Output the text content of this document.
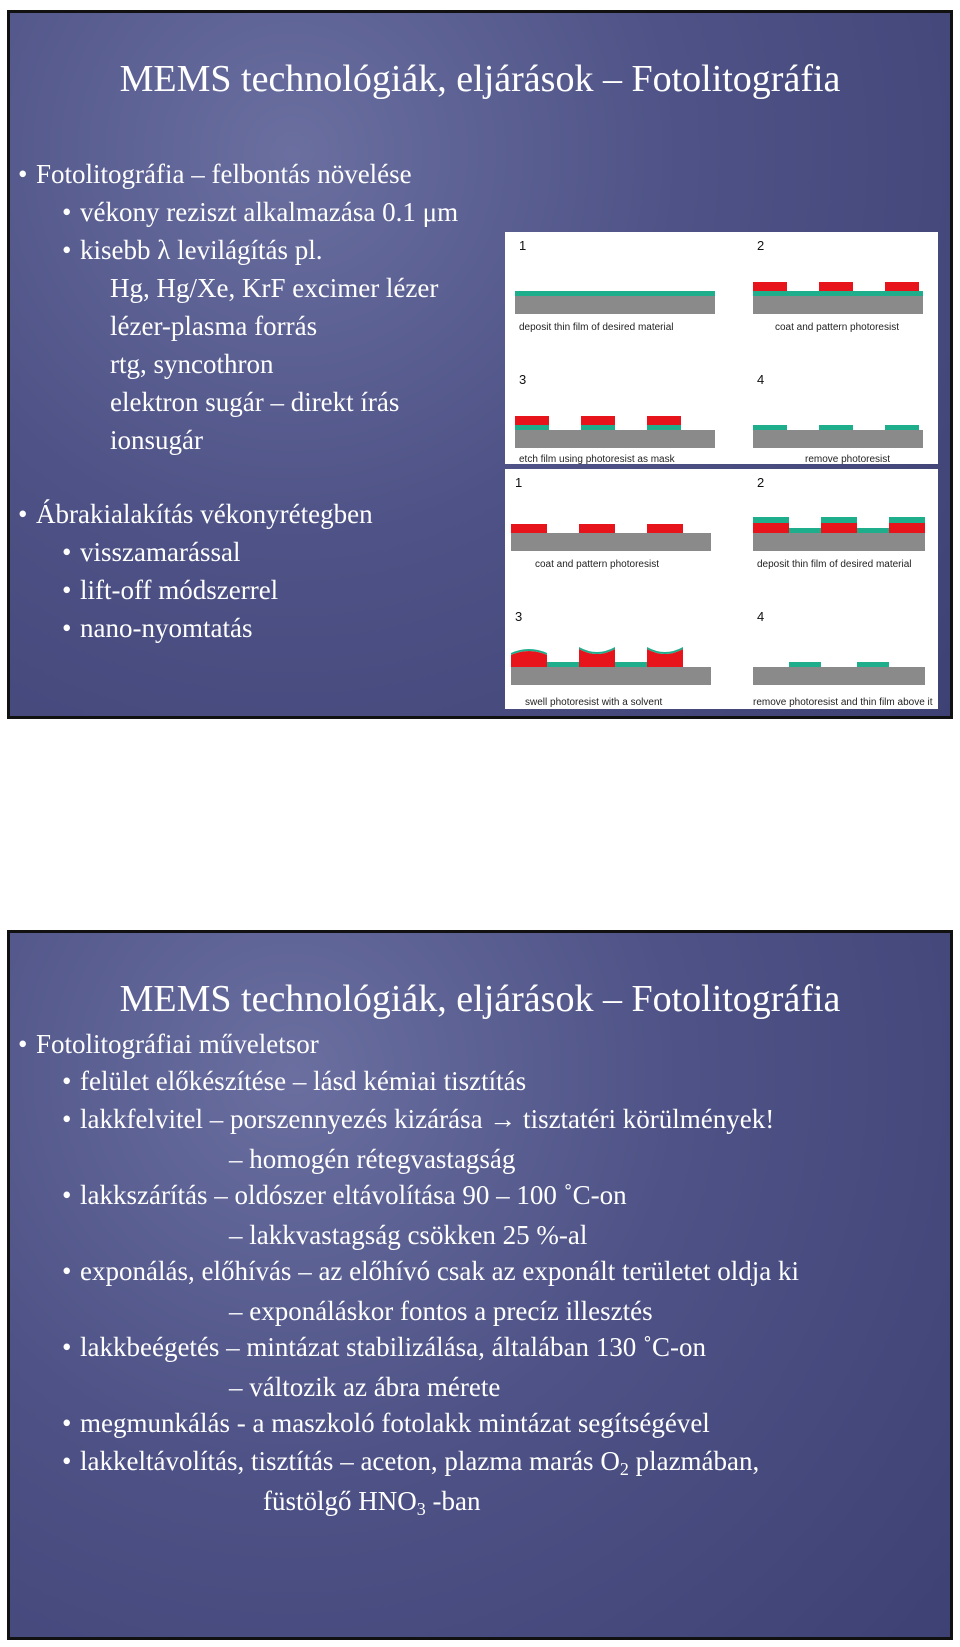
MEMS technológiák, eljárások – Fotolitográfia
• Fotolitográfia – felbontás növelése
• vékony reziszt alkalmazása 0.1 μm
• kisebb λ levilágítás pl.
Hg, Hg/Xe, KrF excimer lézer
lézer-plasma forrás
rtg, syncothron
elektron sugár – direkt írás
ionsugár
• Ábrakialakítás vékonyrétegben
• visszamarással
• lift-off módszerrel
• nano-nyomtatás
1	2
3	4
deposit thin film of desired material	coat and pattern photoresist
etch film using photoresist as mask	remove photoresist
1	2
3	4
coat and pattern photoresist	deposit thin film of desired material
swell photoresist with a solvent	remove photoresist and thin film above it
MEMS technológiák, eljárások – Fotolitográfia
• Fotolitográfiai műveletsor
• felület előkészítése – lásd kémiai tisztítás
• lakkfelvitel – porszennyezés kizárása → tisztatéri körülmények!
– homogén rétegvastagság
• lakkszárítás – oldószer eltávolítása 90 – 100 ˚C-on
– lakkvastagság csökken 25 %-al
• exponálás, előhívás – az előhívó csak az exponált területet oldja ki
– exponáláskor fontos a precíz illesztés
• lakkbeégetés – mintázat stabilizálása, általában 130 ˚C-on
– változik az ábra mérete
• megmunkálás - a maszkoló fotolakk mintázat segítségével
• lakkeltávolítás, tisztítás – aceton, plazma marás $O_2$ plazmában,
füstölgő $HNO_3$ -ban
